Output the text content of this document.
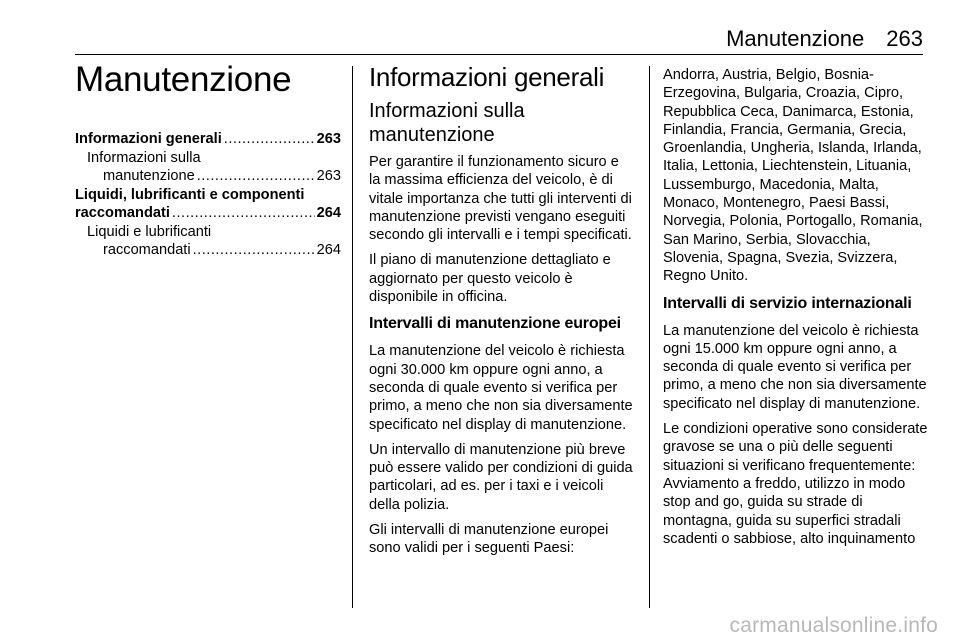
Manutenzione 263
Manutenzione
Informazioni generali .....	263
Informazioni sulla
manutenzione .....	263
Liquidi, lubrificanti e componenti
raccomandati .....	264
Liquidi e lubrificanti
raccomandati .....	264
Informazioni generali
Informazioni sulla manutenzione

Per garantire il funzionamento sicuro e la massima efficienza del veicolo, è di vitale importanza che tutti gli interventi di manutenzione previsti vengano eseguiti secondo gli intervalli e i tempi specificati.

Il piano di manutenzione dettagliato e aggiornato per questo veicolo è disponibile in officina.

Intervalli di manutenzione europei

La manutenzione del veicolo è richiesta ogni 30.000 km oppure ogni anno, a seconda di quale evento si verifica per primo, a meno che non sia diversamente specificato nel display di manutenzione.

Un intervallo di manutenzione più breve può essere valido per condizioni di guida particolari, ad es. per i taxi e i veicoli della polizia.

Gli intervalli di manutenzione europei sono validi per i seguenti Paesi:

Andorra, Austria, Belgio, Bosnia-Erzegovina, Bulgaria, Croazia, Cipro, Repubblica Ceca, Danimarca, Estonia, Finlandia, Francia, Germania, Grecia, Groenlandia, Ungheria, Islanda, Irlanda, Italia, Lettonia, Liechtenstein, Lituania, Lussemburgo, Macedonia, Malta, Monaco, Montenegro, Paesi Bassi, Norvegia, Polonia, Portogallo, Romania, San Marino, Serbia, Slovacchia, Slovenia, Spagna, Svezia, Svizzera, Regno Unito.

Intervalli di servizio internazionali

La manutenzione del veicolo è richiesta ogni 15.000 km oppure ogni anno, a seconda di quale evento si verifica per primo, a meno che non sia diversamente specificato nel display di manutenzione.

Le condizioni operative sono considerate gravose se una o più delle seguenti situazioni si verificano frequentemente: Avviamento a freddo, utilizzo in modo stop and go, guida su strade di montagna, guida su superfici stradali scadenti o sabbiose, alto inquinamento

carmanualsonline.info
